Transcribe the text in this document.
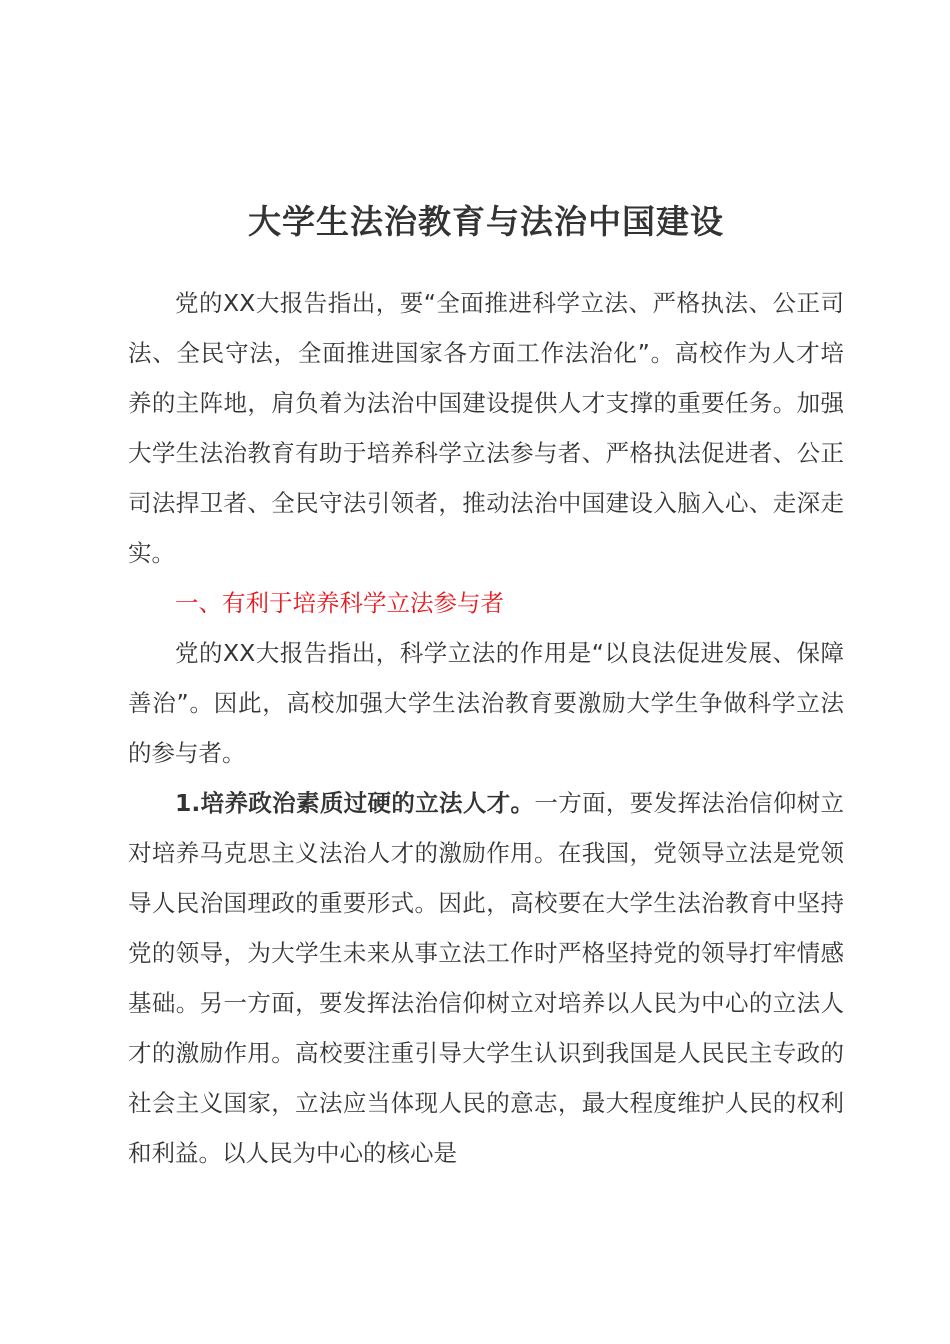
大学生法治教育与法治中国建设

党的XX大报告指出，要“全面推进科学立法、严格执法、公正司法、全民守法，全面推进国家各方面工作法治化”。高校作为人才培养的主阵地，肩负着为法治中国建设提供人才支撑的重要任务。加强大学生法治教育有助于培养科学立法参与者、严格执法促进者、公正司法捍卫者、全民守法引领者，推动法治中国建设入脑入心、走深走实。

一、有利于培养科学立法参与者

党的XX大报告指出，科学立法的作用是“以良法促进发展、保障善治”。因此，高校加强大学生法治教育要激励大学生争做科学立法的参与者。

1.培养政治素质过硬的立法人才。一方面，要发挥法治信仰树立对培养马克思主义法治人才的激励作用。在我国，党领导立法是党领导人民治国理政的重要形式。因此，高校要在大学生法治教育中坚持党的领导，为大学生未来从事立法工作时严格坚持党的领导打牢情感基础。另一方面，要发挥法治信仰树立对培养以人民为中心的立法人才的激励作用。高校要注重引导大学生认识到我国是人民民主专政的社会主义国家，立法应当体现人民的意志，最大程度维护人民的权利和利益。以人民为中心的核心是
